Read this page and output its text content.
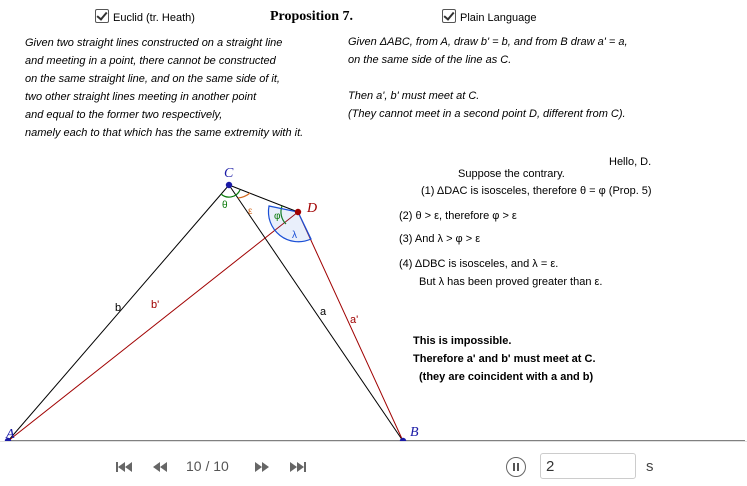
Euclid (tr. Heath)	Proposition 7.	Plain Language
Given two straight lines constructed on a straight line
and meeting in a point, there cannot be constructed
on the same straight line, and on the same side of it,
two other straight lines meeting in another point
and equal to the former two respectively,
namely each to that which has the same extremity with it.
Given ΔABC, from A, draw b' = b, and from B draw a' = a,
on the same side of the line as C.
Then a', b' must meet at C.
(They cannot meet in a second point D, different from C).
Hello, D.
Suppose the contrary.
(1) ΔDAC is isosceles, therefore θ = φ (Prop. 5)
(2) θ > ε, therefore φ > ε
(3) And λ > φ > ε
(4) ΔDBC is isosceles, and λ = ε.
But λ has been proved greater than ε.
This is impossible.
Therefore a' and b' must meet at C.
(they are coincident with a and b)
C
D
A	B
b	b'
a
a'
θ
ε φ
λ
10 / 10
2	s
